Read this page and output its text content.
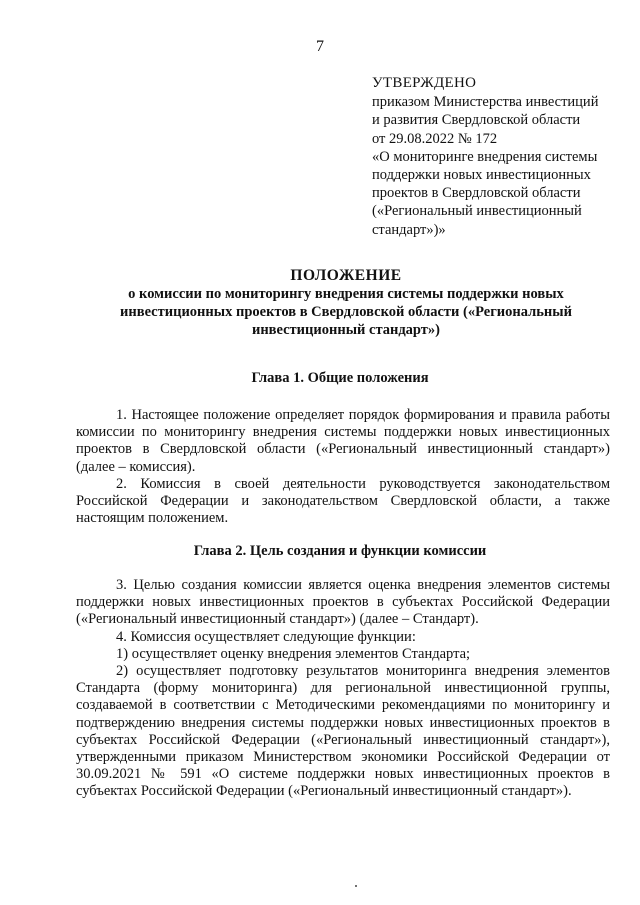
7
УТВЕРЖДЕНО
приказом Министерства инвестиций
и развития Свердловской области
от 29.08.2022 № 172
«О мониторинге внедрения системы
поддержки новых инвестиционных
проектов в Свердловской области
(«Региональный инвестиционный
стандарт»)»
ПОЛОЖЕНИЕ
о комиссии по мониторингу внедрения системы поддержки новых
инвестиционных проектов в Свердловской области («Региональный
инвестиционный стандарт»)
Глава 1. Общие положения

1. Настоящее положение определяет порядок формирования и правила работы комиссии по мониторингу внедрения системы поддержки новых инвестиционных проектов в Свердловской области («Региональный инвестиционный стандарт») (далее – комиссия).

2. Комиссия в своей деятельности руководствуется законодательством Российской Федерации и законодательством Свердловской области, а также настоящим положением.

Глава 2. Цель создания и функции комиссии

3. Целью создания комиссии является оценка внедрения элементов системы поддержки новых инвестиционных проектов в субъектах Российской Федерации («Региональный инвестиционный стандарт») (далее – Стандарт).

4. Комиссия осуществляет следующие функции:

1) осуществляет оценку внедрения элементов Стандарта;

2) осуществляет подготовку результатов мониторинга внедрения элементов Стандарта (форму мониторинга) для региональной инвестиционной группы, создаваемой в соответствии с Методическими рекомендациями по мониторингу и подтверждению внедрения системы поддержки новых инвестиционных проектов в субъектах Российской Федерации («Региональный инвестиционный стандарт»), утвержденными приказом Министерством экономики Российской Федерации от 30.09.2021 № 591 «О системе поддержки новых инвестиционных проектов в субъектах Российской Федерации («Региональный инвестиционный стандарт»).
